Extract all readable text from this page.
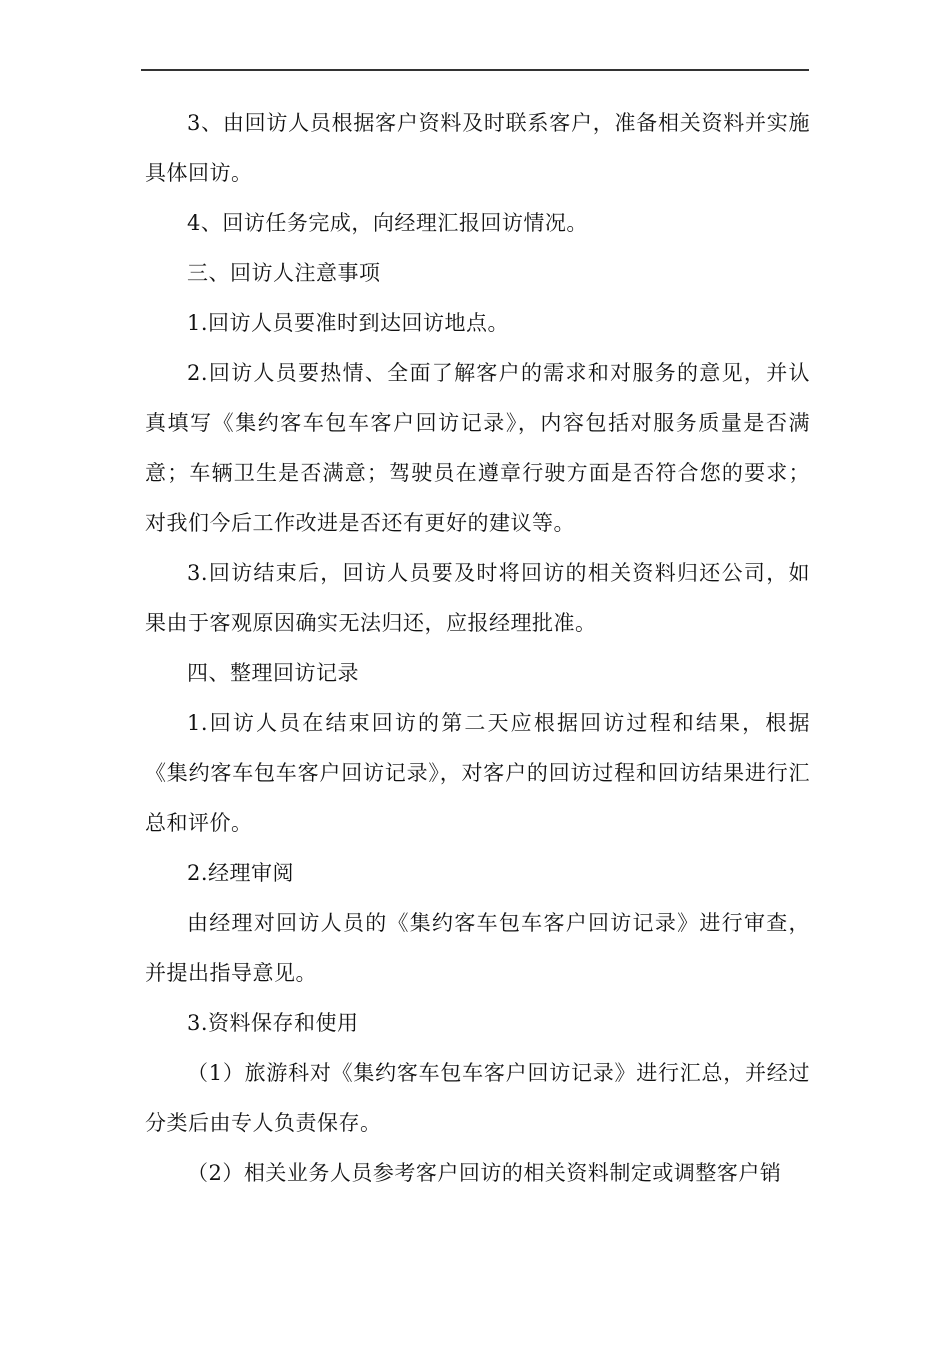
3、由回访人员根据客户资料及时联系客户，准备相关资料并实施具体回访。

4、回访任务完成，向经理汇报回访情况。

三、回访人注意事项

1.回访人员要准时到达回访地点。

2.回访人员要热情、全面了解客户的需求和对服务的意见，并认真填写《集约客车包车客户回访记录》，内容包括对服务质量是否满意；车辆卫生是否满意；驾驶员在遵章行驶方面是否符合您的要求；对我们今后工作改进是否还有更好的建议等。

3.回访结束后，回访人员要及时将回访的相关资料归还公司，如果由于客观原因确实无法归还，应报经理批准。

四、整理回访记录

1.回访人员在结束回访的第二天应根据回访过程和结果，根据《集约客车包车客户回访记录》，对客户的回访过程和回访结果进行汇总和评价。

2.经理审阅

由经理对回访人员的《集约客车包车客户回访记录》进行审查，并提出指导意见。

3.资料保存和使用

（1）旅游科对《集约客车包车客户回访记录》进行汇总，并经过分类后由专人负责保存。

（2）相关业务人员参考客户回访的相关资料制定或调整客户销
